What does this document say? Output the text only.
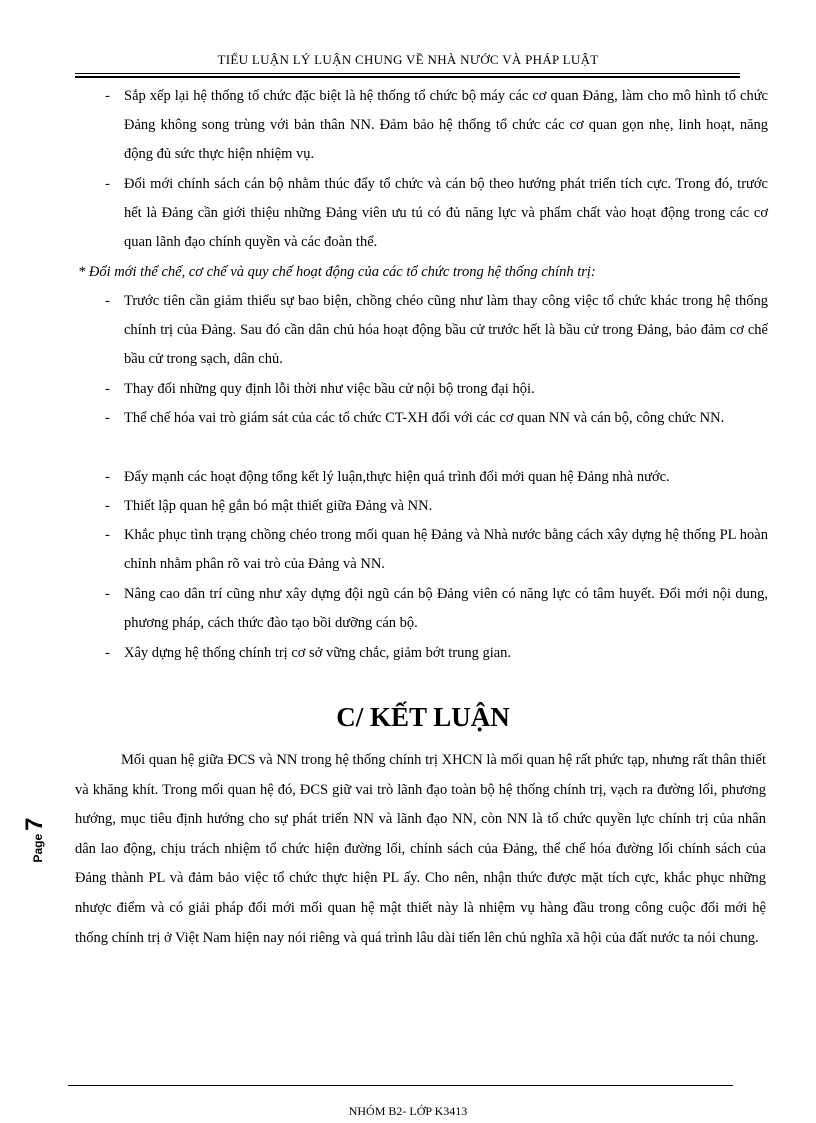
TIỂU LUẬN LÝ LUẬN CHUNG VỀ NHÀ NƯỚC VÀ PHÁP LUẬT
- Sắp xếp lại hệ thống tổ chức đặc biệt là hệ thống tổ chức bộ máy các cơ quan Đảng, làm cho mô hình tổ chức Đảng không song trùng với bản thân NN. Đảm bảo hệ thống tổ chức các cơ quan gọn nhẹ, linh hoạt, năng động đủ sức thực hiện nhiệm vụ.
- Đổi mới chính sách cán bộ nhằm thúc đẩy tổ chức và cán bộ theo hướng phát triển tích cực. Trong đó, trước hết là Đảng cần giới thiệu những Đảng viên ưu tú có đủ năng lực và phẩm chất vào hoạt động trong các cơ quan lãnh đạo chính quyền và các đoàn thể.
* Đổi mới thể chế, cơ chế và quy chế hoạt động của các tổ chức trong hệ thống chính trị:
- Trước tiên cần giảm thiểu sự bao biện, chồng chéo cũng như làm thay công việc tổ chức khác trong hệ thống chính trị của Đảng. Sau đó cần dân chủ hóa hoạt động bầu cử trước hết là bầu cử trong Đảng, bảo đảm cơ chế bầu cử trong sạch, dân chủ.
- Thay đổi những quy định lỗi thời như việc bầu cử nội bộ trong đại hội.
- Thể chế hóa vai trò giám sát của các tổ chức CT-XH đối với các cơ quan NN và cán bộ, công chức NN.
- Đẩy mạnh các hoạt động tổng kết lý luận,thực hiện quá trình đổi mới quan hệ Đảng nhà nước.
- Thiết lập quan hệ gắn bó mật thiết giữa Đảng và NN.
- Khắc phục tình trạng chồng chéo trong mối quan hệ Đảng và Nhà nước bằng cách xây dựng hệ thống PL hoàn chỉnh nhằm phân rõ vai trò của Đảng và NN.
- Nâng cao dân trí cũng như xây dựng đội ngũ cán bộ Đảng viên có năng lực có tâm huyết. Đổi mới nội dung, phương pháp, cách thức đào tạo bồi dưỡng cán bộ.
- Xây dựng hệ thống chính trị cơ sở vững chắc, giảm bớt trung gian.
C/ KẾT LUẬN

Mối quan hệ giữa ĐCS và NN trong hệ thống chính trị XHCN là mối quan hệ rất phức tạp, nhưng rất thân thiết và khăng khít. Trong mối quan hệ đó, ĐCS giữ vai trò lãnh đạo toàn bộ hệ thống chính trị, vạch ra đường lối, phương hướng, mục tiêu định hướng cho sự phát triển NN và lãnh đạo NN, còn NN là tổ chức quyền lực chính trị của nhân dân lao động, chịu trách nhiệm tổ chức hiện đường lối, chính sách của Đảng, thể chế hóa đường lối chính sách của Đảng thành PL và đảm bảo việc tổ chức thực hiện PL ấy. Cho nên, nhận thức được mặt tích cực, khắc phục những nhược điểm và có giải pháp đổi mới mối quan hệ mật thiết này là nhiệm vụ hàng đầu trong công cuộc đổi mới hệ thống chính trị ở Việt Nam hiện nay nói riêng và quá trình lâu dài tiến lên chủ nghĩa xã hội của đất nước ta nói chung.

Page7
NHÓM B2- LỚP K3413
